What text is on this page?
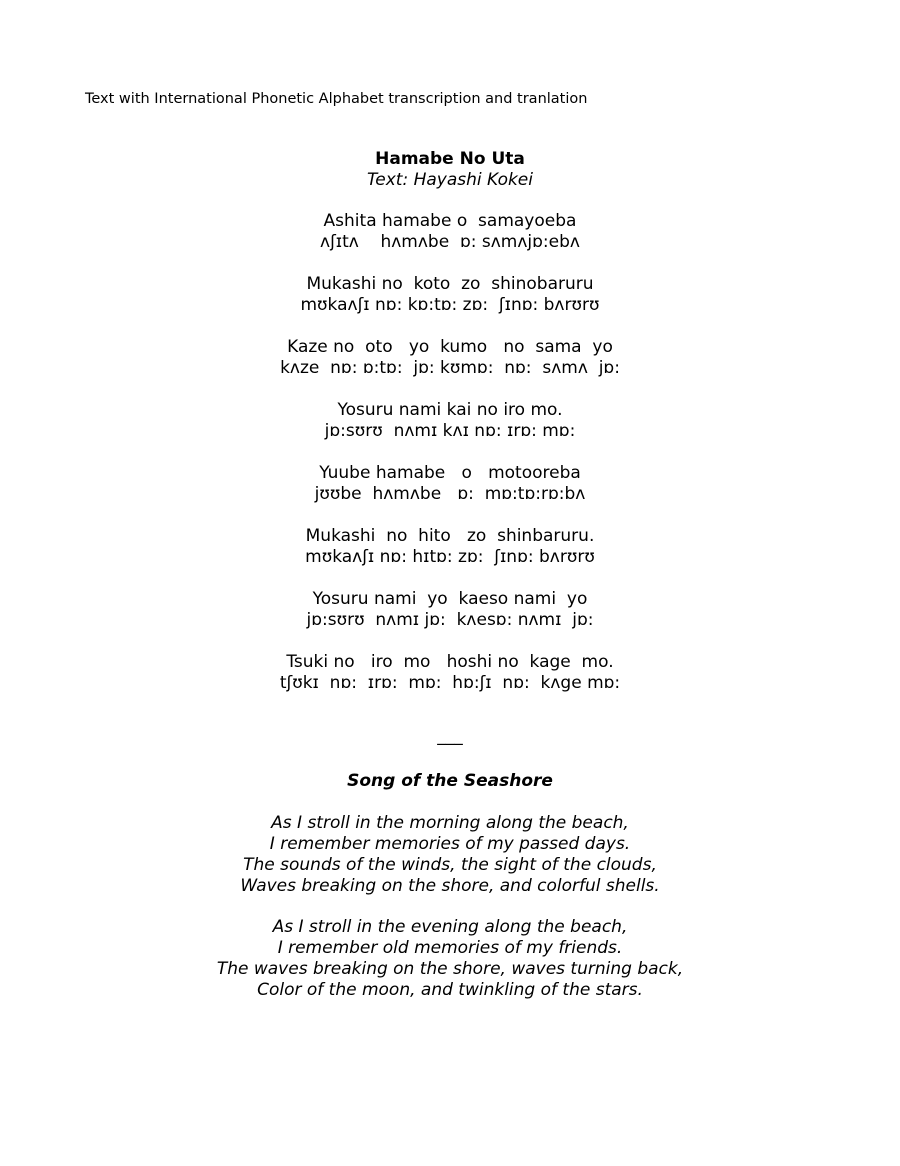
Text with International Phonetic Alphabet transcription and tranlation
Hamabe No Uta
Text: Hayashi Kokei
Ashita hamabe o  samayoeba
ʌʃɪtʌ    hʌmʌbe  ɒ: sʌmʌjɒ:ebʌ
Mukashi no  koto  zo  shinobaruru
mʊkaʌʃɪ nɒ: kɒ:tɒ: zɒ:  ʃɪnɒ: bʌrʊrʊ
Kaze no  oto   yo  kumo   no  sama  yo
kʌze  nɒ: ɒ:tɒ:  jɒ: kʊmɒ:  nɒ:  sʌmʌ  jɒ:
Yosuru nami kai no iro mo.
jɒ:sʊrʊ  nʌmɪ kʌɪ nɒ: ɪrɒ: mɒ:
Yuube hamabe   o   motooreba
jʊʊbe  hʌmʌbe   ɒ:  mɒ:tɒ:rɒ:bʌ
Mukashi  no  hito   zo  shinbaruru.
mʊkaʌʃɪ nɒ: hɪtɒ: zɒ:  ʃɪnɒ: bʌrʊrʊ
Yosuru nami  yo  kaeso nami  yo
jɒ:sʊrʊ  nʌmɪ jɒ:  kʌesɒ: nʌmɪ  jɒ:
Tsuki no   iro  mo   hoshi no  kage  mo.
tʃʊkɪ  nɒ:  ɪrɒ:  mɒ:  hɒ:ʃɪ  nɒ:  kʌge mɒ:
___
Song of the Seashore
As I stroll in the morning along the beach,
I remember memories of my passed days.
The sounds of the winds, the sight of the clouds,
Waves breaking on the shore, and colorful shells.
As I stroll in the evening along the beach,
I remember old memories of my friends.
The waves breaking on the shore, waves turning back,
Color of the moon, and twinkling of the stars.
